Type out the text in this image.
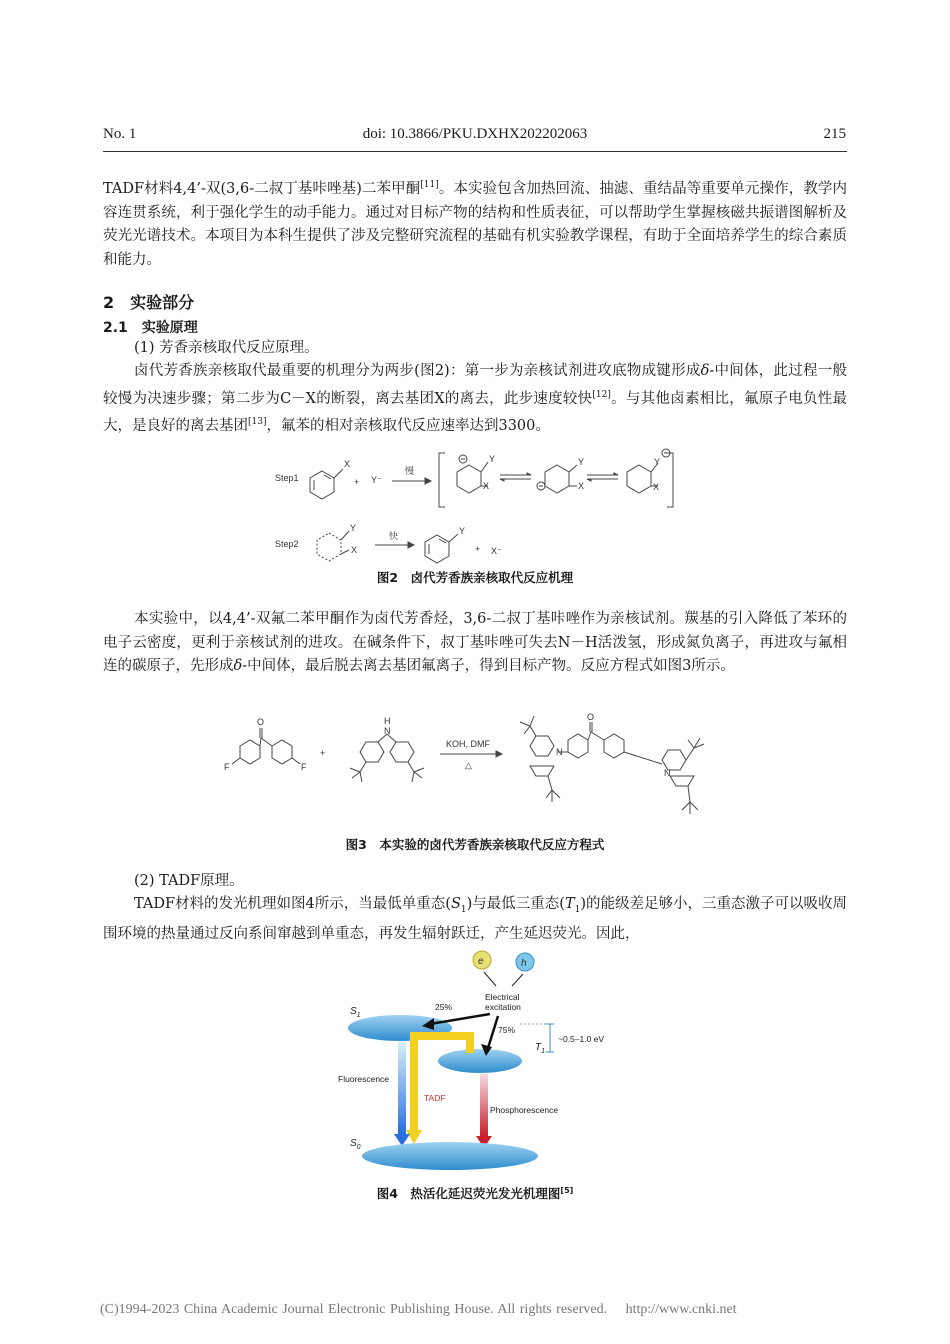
No. 1	doi: 10.3866/PKU.DXHX202202063	215

TADF材料4,4’-双(3,6-二叔丁基咔唑基)二苯甲酮[11]。本实验包含加热回流、抽滤、重结晶等重要单元操作，教学内容连贯系统，利于强化学生的动手能力。通过对目标产物的结构和性质表征，可以帮助学生掌握核磁共振谱图解析及荧光光谱技术。本项目为本科生提供了涉及完整研究流程的基础有机实验教学课程，有助于全面培养学生的综合素质和能力。

2 实验部分
2.1 实验原理

(1) 芳香亲核取代反应原理。

卤代芳香族亲核取代最重要的机理分为两步(图2)：第一步为亲核试剂进攻底物成键形成δ-中间体，此过程一般较慢为决速步骤；第二步为C－X的断裂，离去基团X的离去，此步速度较快[12]。与其他卤素相比，氟原子电负性最大，是良好的离去基团[13]，氟苯的相对亲核取代反应速率达到3300。

Step1
X
+ Y⁻
慢
Y
X
Y
X
Y
X
Step2
Y
X
快	Y
+ X⁻
图2　卤代芳香族亲核取代反应机理

本实验中，以4,4’-双氟二苯甲酮作为卤代芳香烃，3,6-二叔丁基咔唑作为亲核试剂。羰基的引入降低了苯环的电子云密度，更利于亲核试剂的进攻。在碱条件下，叔丁基咔唑可失去N－H活泼氢，形成氮负离子，再进攻与氟相连的碳原子，先形成δ-中间体，最后脱去离去基团氟离子，得到目标产物。反应方程式如图3所示。

O
F	F
+
H
N
KOH, DMF
△
O
N
N
图3　本实验的卤代芳香族亲核取代反应方程式

(2) TADF原理。

TADF材料的发光机理如图4所示，当最低单重态$(S_1)$与最低三重态$(T_1)$的能级差足够小，三重态激子可以吸收周围环境的热量通过反向系间窜越到单重态，再发生辐射跃迁，产生延迟荧光。因此，

e	h
Electrical
excitation
$S_1$
$T_1$
~0.5–1.0 eV
25%
75%
Fluorescence
TADF
Phosphorescence
$S_0$
图4　热活化延迟荧光发光机理图[5]
(C)1994-2023 China Academic Journal Electronic Publishing House. All rights reserved.　 http://www.cnki.net
